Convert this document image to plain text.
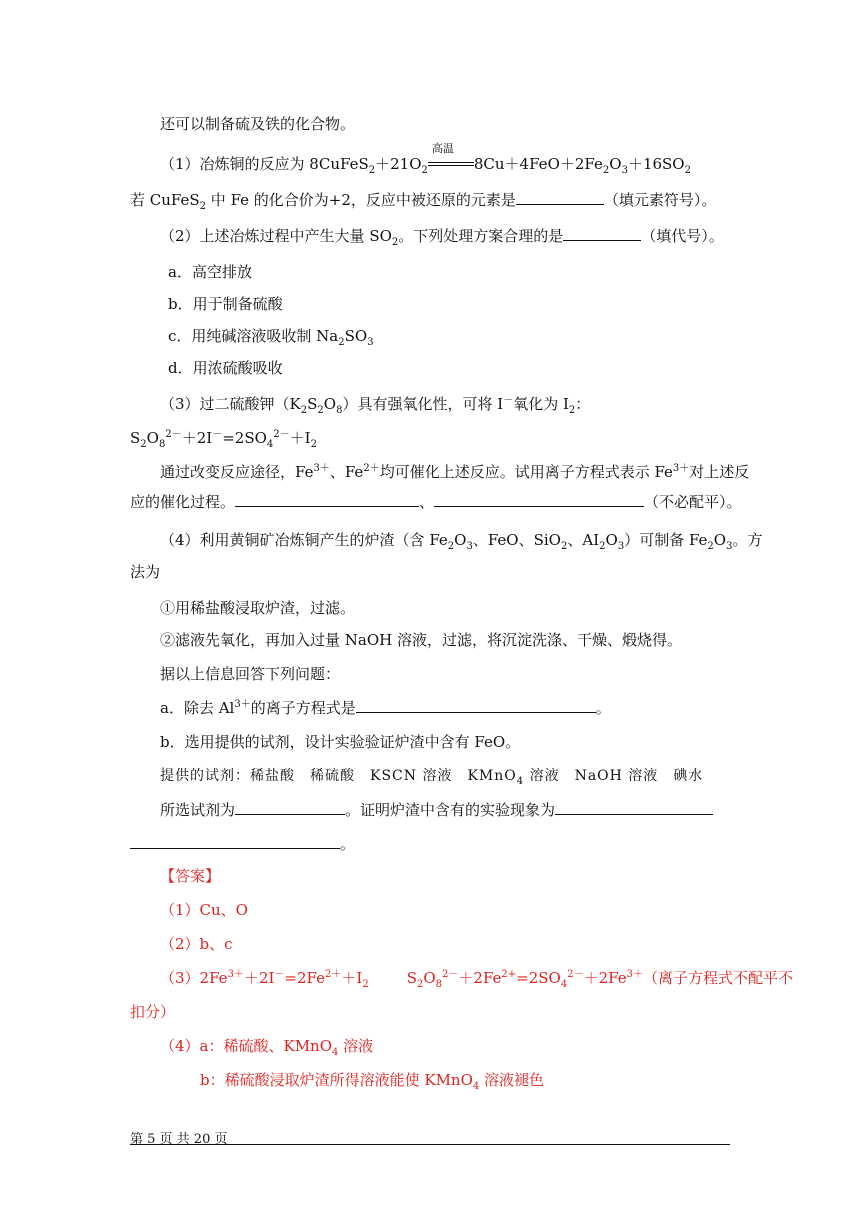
还可以制备硫及铁的化合物。
（1）冶炼铜的反应为 $8CuFeS_2+21O_2$
高温
$8Cu+4FeO+2Fe_2O_3+16SO_2$
若 CuFeS$_2$ 中 Fe 的化合价为+2，反应中被还原的元素是	（填元素符号）。
（2）上述冶炼过程中产生大量 $SO_2$。下列处理方案合理的是	（填代号）。
a．高空排放
b．用于制备硫酸
c．用纯碱溶液吸收制 $Na_2SO_3$
d．用浓硫酸吸收
（3）过二硫酸钾$(K_2S_2O_8)$具有强氧化性，可将 I－氧化为 $I_2$：
$S_2O_8^{2-}+2I^-=2SO_4^{2-}+I_2$
通过改变反应途径，$Fe^{3+}$、$Fe^{2+}$均可催化上述反应。试用离子方程式表示 $Fe^{3+}$对上述反
应的催化过程。	、	（不必配平）。
（4）利用黄铜矿冶炼铜产生的炉渣（含 $Fe_2O_3$、FeO、SiO$_2$、$AI_2O_3$）可制备 $Fe_2O_3$。方
法为
①用稀盐酸浸取炉渣，过滤。
②滤液先氧化，再加入过量 NaOH 溶液，过滤，将沉淀洗涤、干燥、煅烧得。
据以上信息回答下列问题：
a．除去 $Al^{3+}$的离子方程式是	。
b．选用提供的试剂，设计实验验证炉渣中含有 FeO。
提供的试剂：稀盐酸　稀硫酸　KSCN 溶液　KMnO$_4$ 溶液　NaOH 溶液　碘水
所选试剂为	。证明炉渣中含有的实验现象为
。
【答案】
（1）Cu、O
（2）b、c
$(3)2Fe^{3+}+2I^-=2Fe^{2+}+I_2$	$S_2O_8^{2-}+2Fe^{2+}=2SO_4^{2-}+2Fe^{3+}$（离子方程式不配平不
扣分）
（4）a：稀硫酸、KMnO$_4$ 溶液
b：稀硫酸浸取炉渣所得溶液能使 KMnO$_4$ 溶液褪色
第 5 页 共 20 页
